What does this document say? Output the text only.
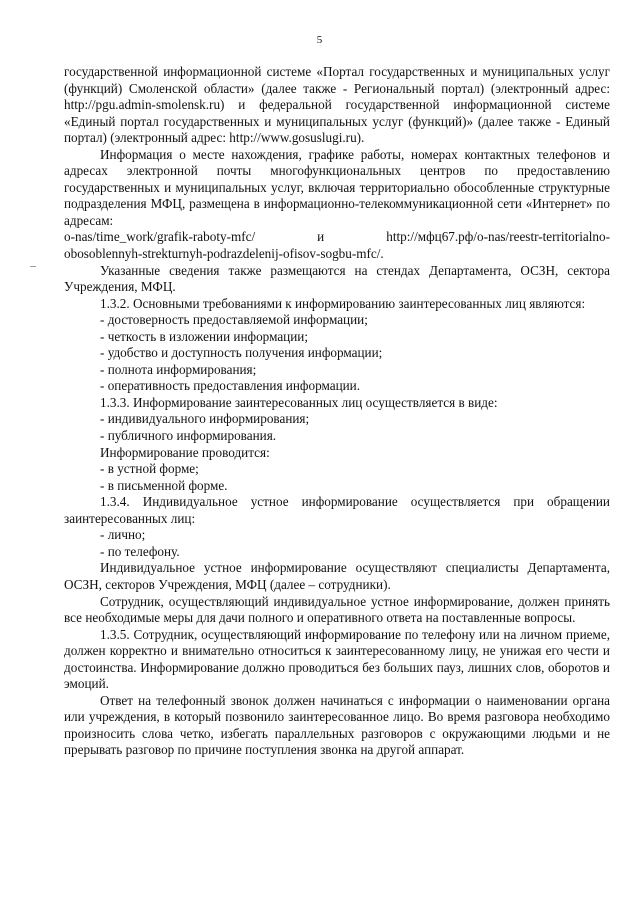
5

государственной информационной системе «Портал государственных и муниципальных услуг (функций) Смоленской области» (далее также - Региональный портал) (электронный адрес: http://pgu.admin-smolensk.ru) и федеральной государственной информационной системе «Единый портал государственных и муниципальных услуг (функций)» (далее также - Единый портал) (электронный адрес: http://www.gosuslugi.ru).

Информация о месте нахождения, графике работы, номерах контактных телефонов и адресах электронной почты многофункциональных центров по предоставлению государственных и муниципальных услуг, включая территориально обособленные структурные подразделения МФЦ, размещена в информационно-телекоммуникационной сети «Интернет» по адресам:

o-nas/time_work/grafik-raboty-mfc/ и http://мфц67.рф/o-nas/reestr-territorialno-

obosoblennyh-strekturnyh-podrazdelenij-ofisov-sogbu-mfc/.

Указанные сведения также размещаются на стендах Департамента, ОСЗН, сектора Учреждения, МФЦ.

1.3.2. Основными требованиями к информированию заинтересованных лиц являются:

- достоверность предоставляемой информации;

- четкость в изложении информации;

- удобство и доступность получения информации;

- полнота информирования;

- оперативность предоставления информации.

1.3.3. Информирование заинтересованных лиц осуществляется в виде:

- индивидуального информирования;

- публичного информирования.

Информирование проводится:

- в устной форме;

- в письменной форме.

1.3.4. Индивидуальное устное информирование осуществляется при обращении заинтересованных лиц:

- лично;

- по телефону.

Индивидуальное устное информирование осуществляют специалисты Департамента, ОСЗН, секторов Учреждения, МФЦ (далее – сотрудники).

Сотрудник, осуществляющий индивидуальное устное информирование, должен принять все необходимые меры для дачи полного и оперативного ответа на поставленные вопросы.

1.3.5. Сотрудник, осуществляющий информирование по телефону или на личном приеме, должен корректно и внимательно относиться к заинтересованному лицу, не унижая его чести и достоинства. Информирование должно проводиться без больших пауз, лишних слов, оборотов и эмоций.

Ответ на телефонный звонок должен начинаться с информации о наименовании органа или учреждения, в который позвонило заинтересованное лицо. Во время разговора необходимо произносить слова четко, избегать параллельных разговоров с окружающими людьми и не прерывать разговор по причине поступления звонка на другой аппарат.
